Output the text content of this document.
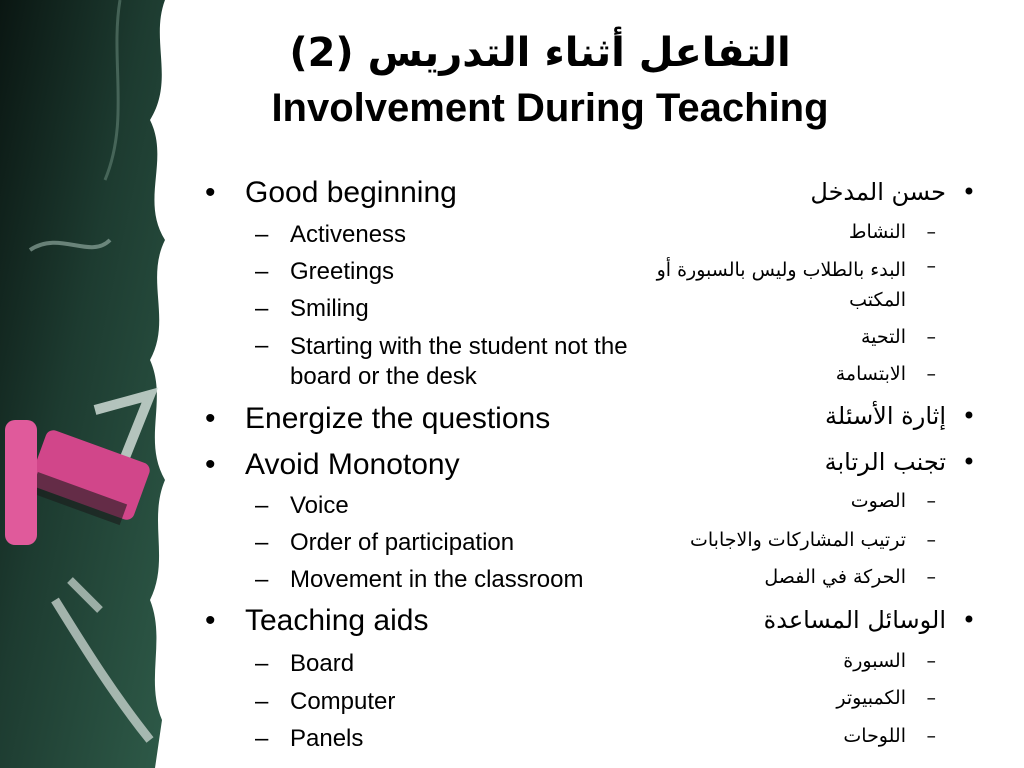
(2) التفاعل أثناء التدريس
Involvement During Teaching
• Good beginning
– Activeness
– Greetings
– Smiling
– Starting with the student not the board or the desk
• Energize the questions
• Avoid Monotony
– Voice
– Order of participation
– Movement in the classroom
• Teaching aids
– Board
– Computer
– Panels
•
حسن المدخل
–
النشاط
–
البدء بالطلاب وليس بالسبورة أو المكتب
–
التحية
–
الابتسامة
•
إثارة الأسئلة
•
تجنب الرتابة
–
الصوت
–
ترتيب المشاركات والاجابات
–
الحركة في الفصل
•
الوسائل المساعدة
–
السبورة
–
الكمبيوتر
–
اللوحات
